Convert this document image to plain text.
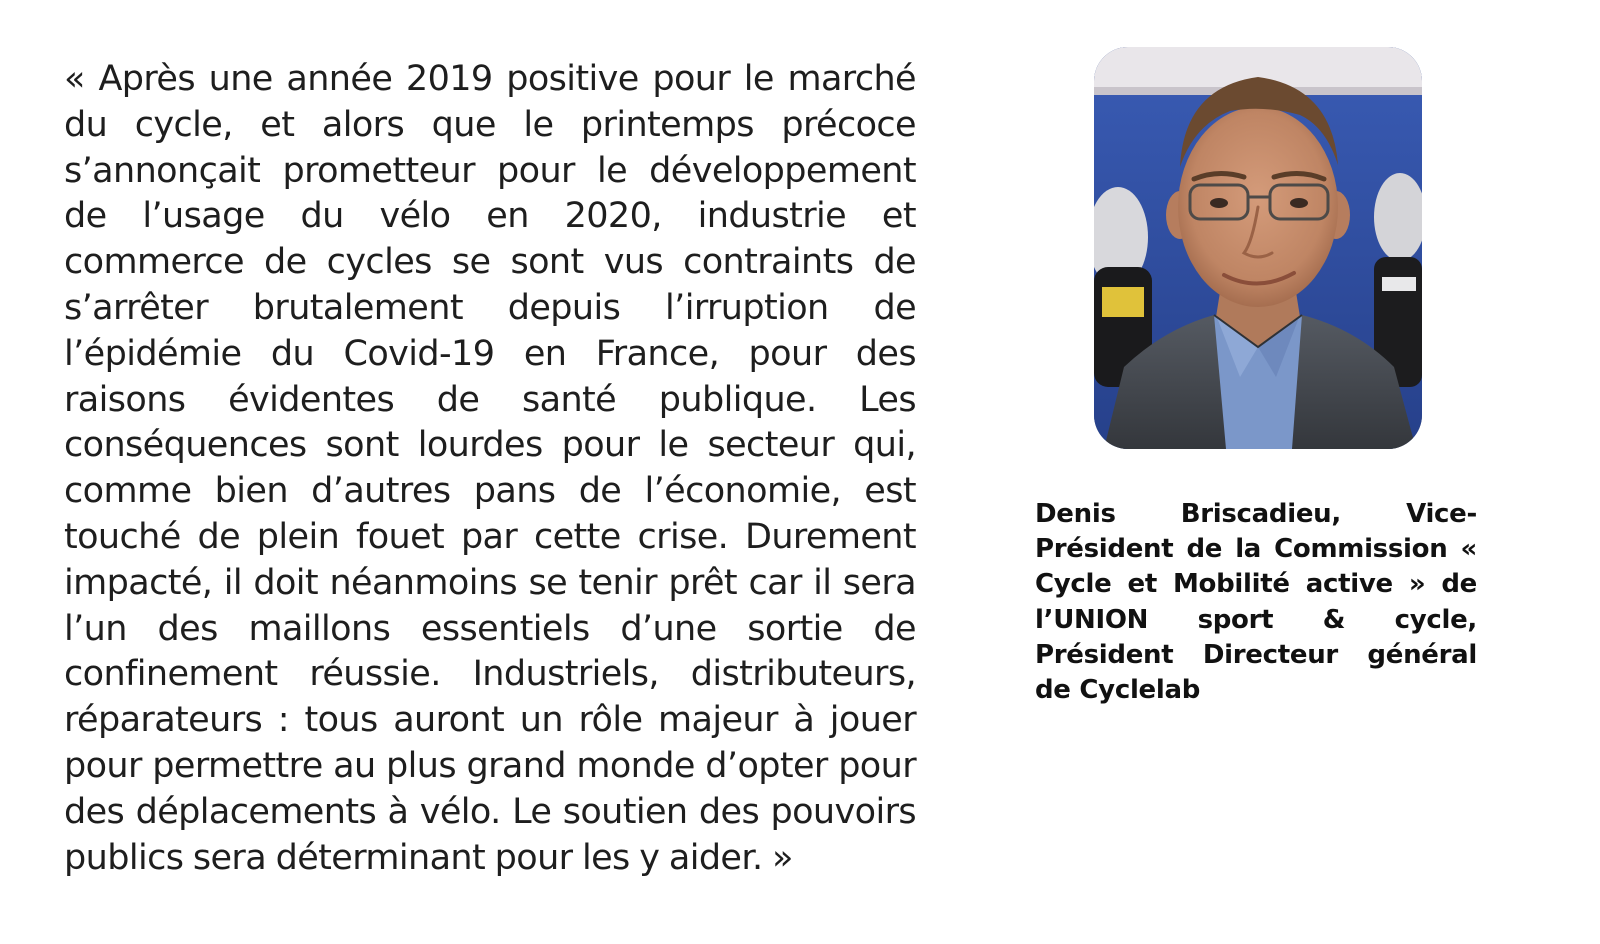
« Après une année 2019 positive pour le marché du cycle, et alors que le printemps précoce s’annonçait prometteur pour le développement de l’usage du vélo en 2020, industrie et commerce de cycles se sont vus contraints de s’arrêter brutalement depuis l’irruption de l’épidémie du Covid-19 en France, pour des raisons évidentes de santé publique. Les conséquences sont lourdes pour le secteur qui, comme bien d’autres pans de l’économie, est touché de plein fouet par cette crise. Durement impacté, il doit néanmoins se tenir prêt car il sera l’un des maillons essentiels d’une sortie de confinement réussie. Industriels, distributeurs, réparateurs : tous auront un rôle majeur à jouer pour permettre au plus grand monde d’opter pour des déplacements à vélo. Le soutien des pouvoirs publics sera déterminant pour les y aider. »

Denis Briscadieu, Vice-Président de la Commission « Cycle et Mobilité active » de l’UNION sport & cycle, Président Directeur général de Cyclelab
